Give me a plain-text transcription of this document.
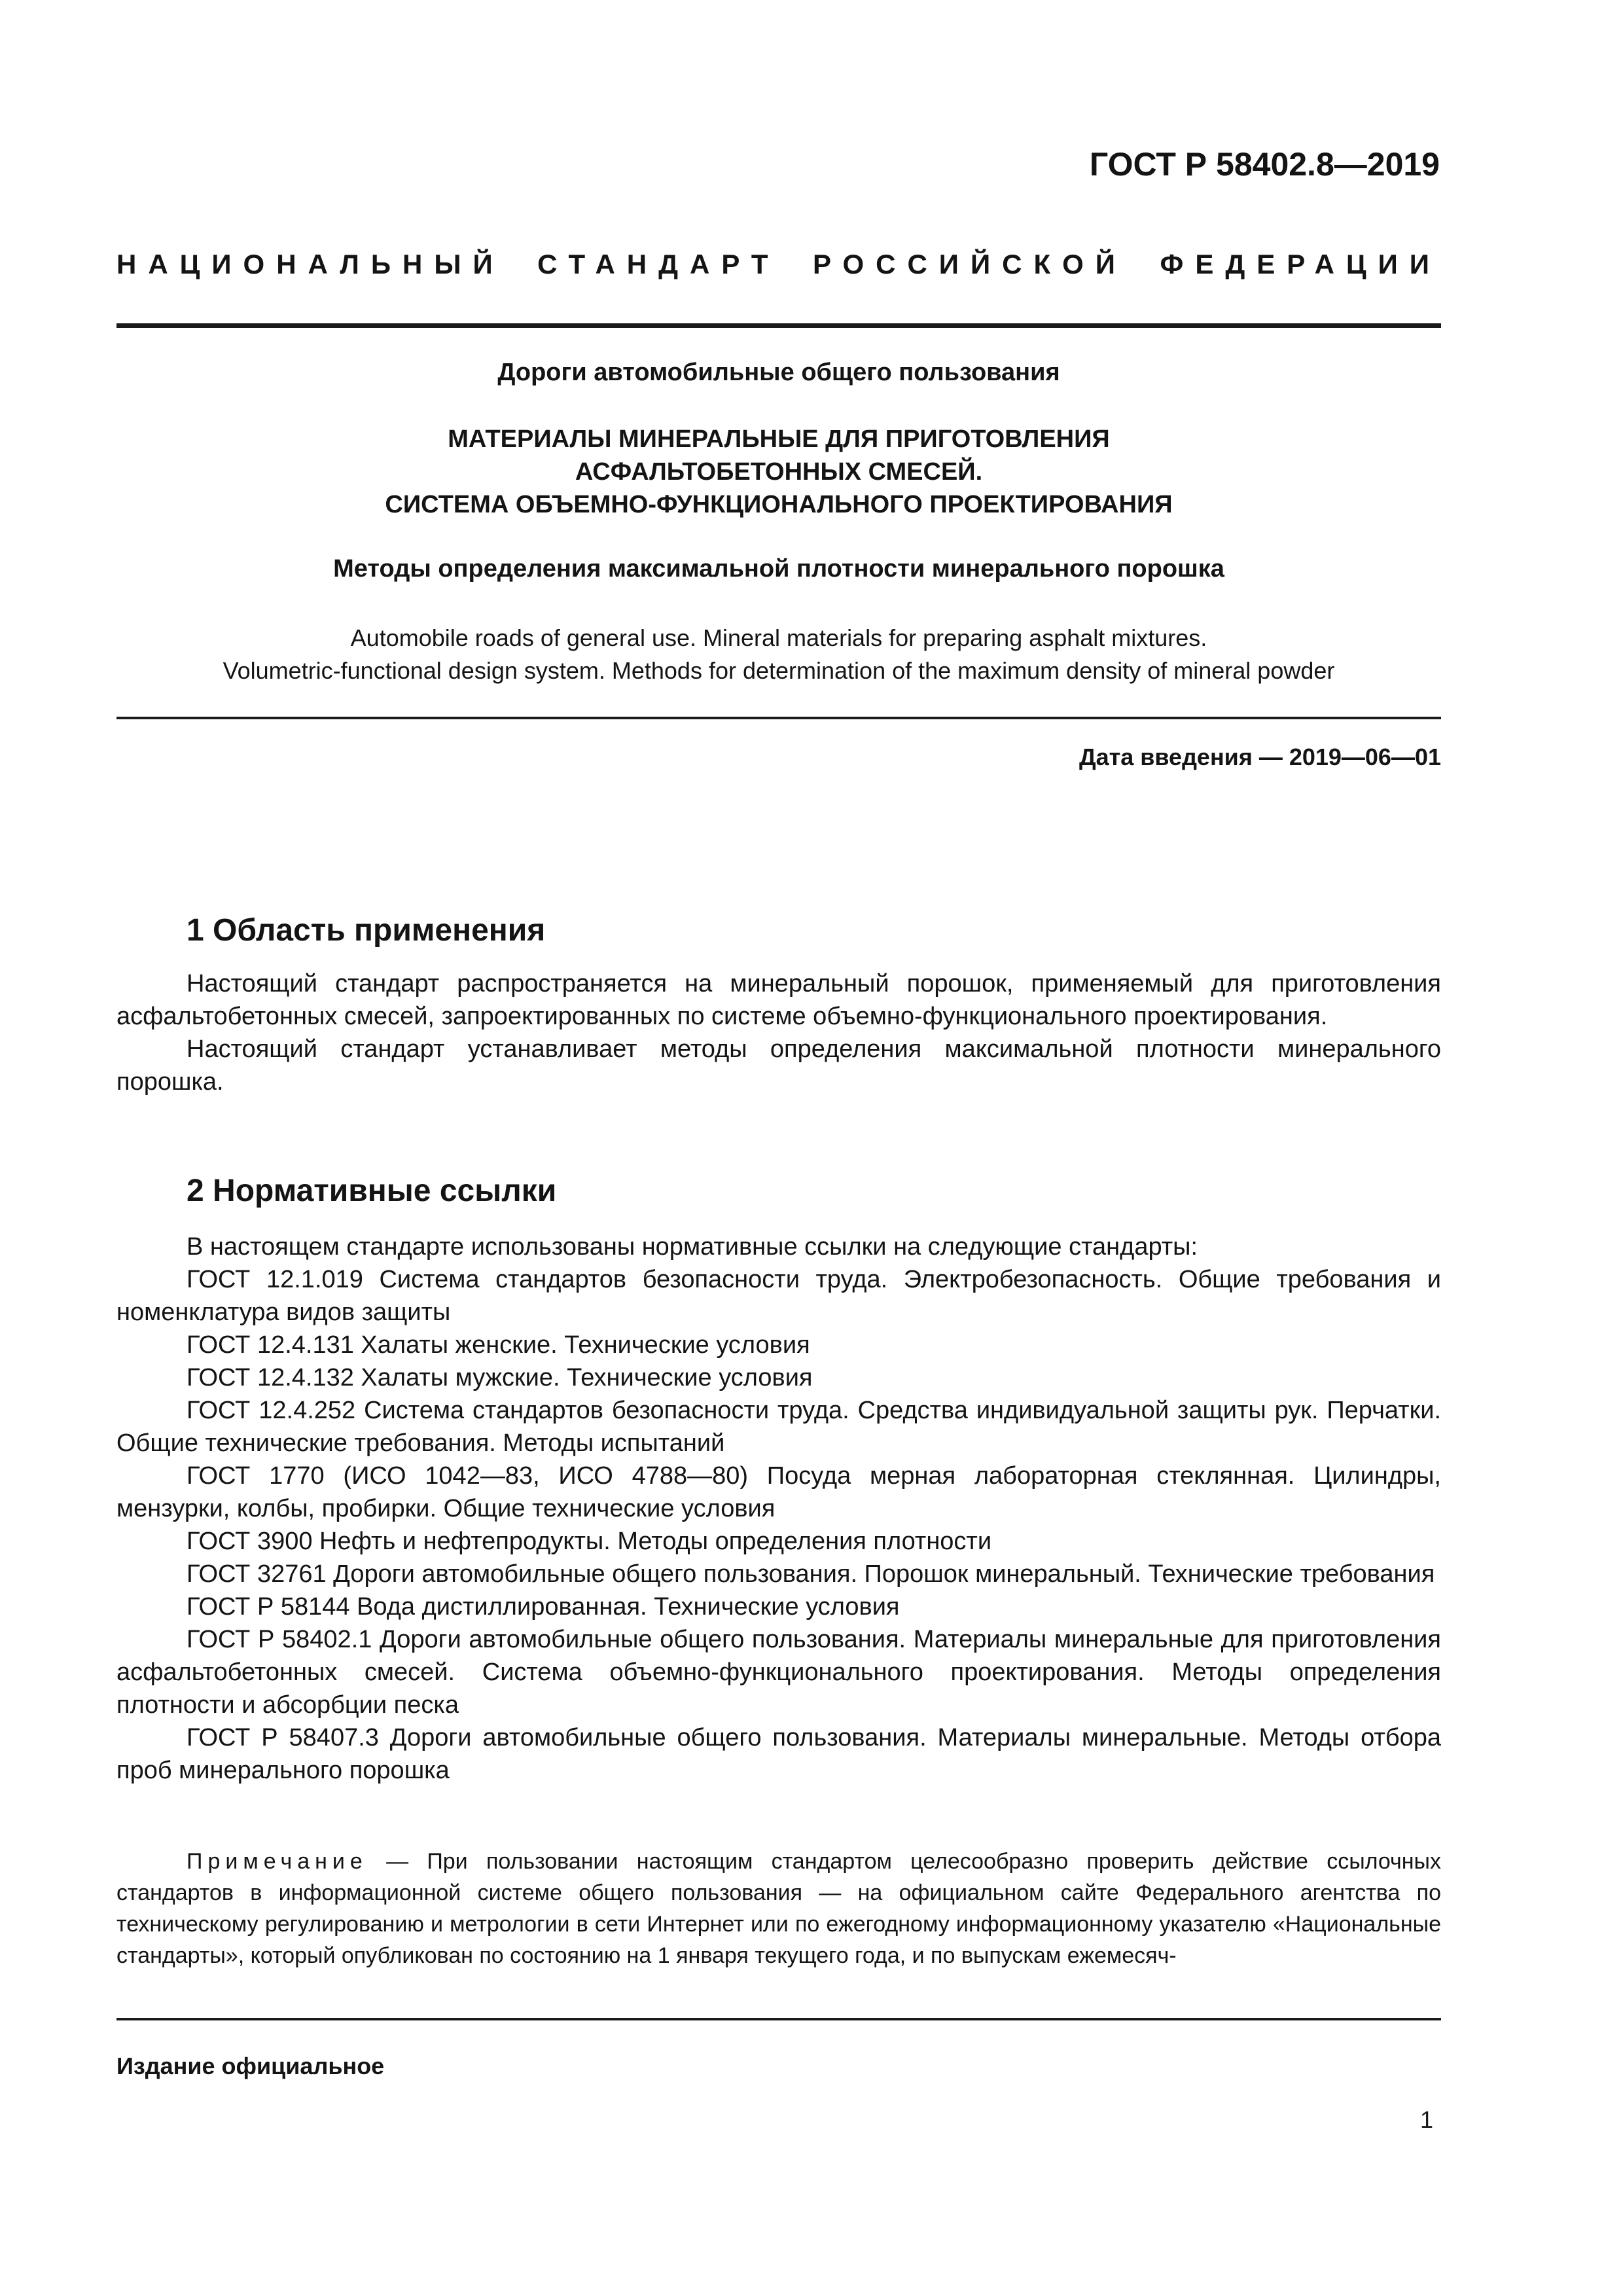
ГОСТ Р 58402.8—2019
НАЦИОНАЛЬНЫЙ СТАНДАРТ РОССИЙСКОЙ ФЕДЕРАЦИИ
Дороги автомобильные общего пользования
МАТЕРИАЛЫ МИНЕРАЛЬНЫЕ ДЛЯ ПРИГОТОВЛЕНИЯ
АСФАЛЬТОБЕТОННЫХ СМЕСЕЙ.
СИСТЕМА ОБЪЕМНО-ФУНКЦИОНАЛЬНОГО ПРОЕКТИРОВАНИЯ
Методы определения максимальной плотности минерального порошка
Automobile roads of general use. Mineral materials for preparing asphalt mixtures.
Volumetric-functional design system. Methods for determination of the maximum density of mineral powder
Дата введения — 2019—06—01
1 Область применения

Настоящий стандарт распространяется на минеральный порошок, применяемый для приготовления асфальтобетонных смесей, запроектированных по системе объемно-функционального проектирования.

Настоящий стандарт устанавливает методы определения максимальной плотности минерального порошка.

2 Нормативные ссылки

В настоящем стандарте использованы нормативные ссылки на следующие стандарты:

ГОСТ 12.1.019 Система стандартов безопасности труда. Электробезопасность. Общие требования и номенклатура видов защиты

ГОСТ 12.4.131 Халаты женские. Технические условия

ГОСТ 12.4.132 Халаты мужские. Технические условия

ГОСТ 12.4.252 Система стандартов безопасности труда. Средства индивидуальной защиты рук. Перчатки. Общие технические требования. Методы испытаний

ГОСТ 1770 (ИСО 1042—83, ИСО 4788—80) Посуда мерная лабораторная стеклянная. Цилиндры, мензурки, колбы, пробирки. Общие технические условия

ГОСТ 3900 Нефть и нефтепродукты. Методы определения плотности

ГОСТ 32761 Дороги автомобильные общего пользования. Порошок минеральный. Технические требования

ГОСТ Р 58144 Вода дистиллированная. Технические условия

ГОСТ Р 58402.1 Дороги автомобильные общего пользования. Материалы минеральные для приготовления асфальтобетонных смесей. Система объемно-функционального проектирования. Методы определения плотности и абсорбции песка

ГОСТ Р 58407.3 Дороги автомобильные общего пользования. Материалы минеральные. Методы отбора проб минерального порошка

Примечание — При пользовании настоящим стандартом целесообразно проверить действие ссылочных стандартов в информационной системе общего пользования — на официальном сайте Федерального агентства по техническому регулированию и метрологии в сети Интернет или по ежегодному информационному указателю «Национальные стандарты», который опубликован по состоянию на 1 января текущего года, и по выпускам ежемесяч-
Издание официальное
1
